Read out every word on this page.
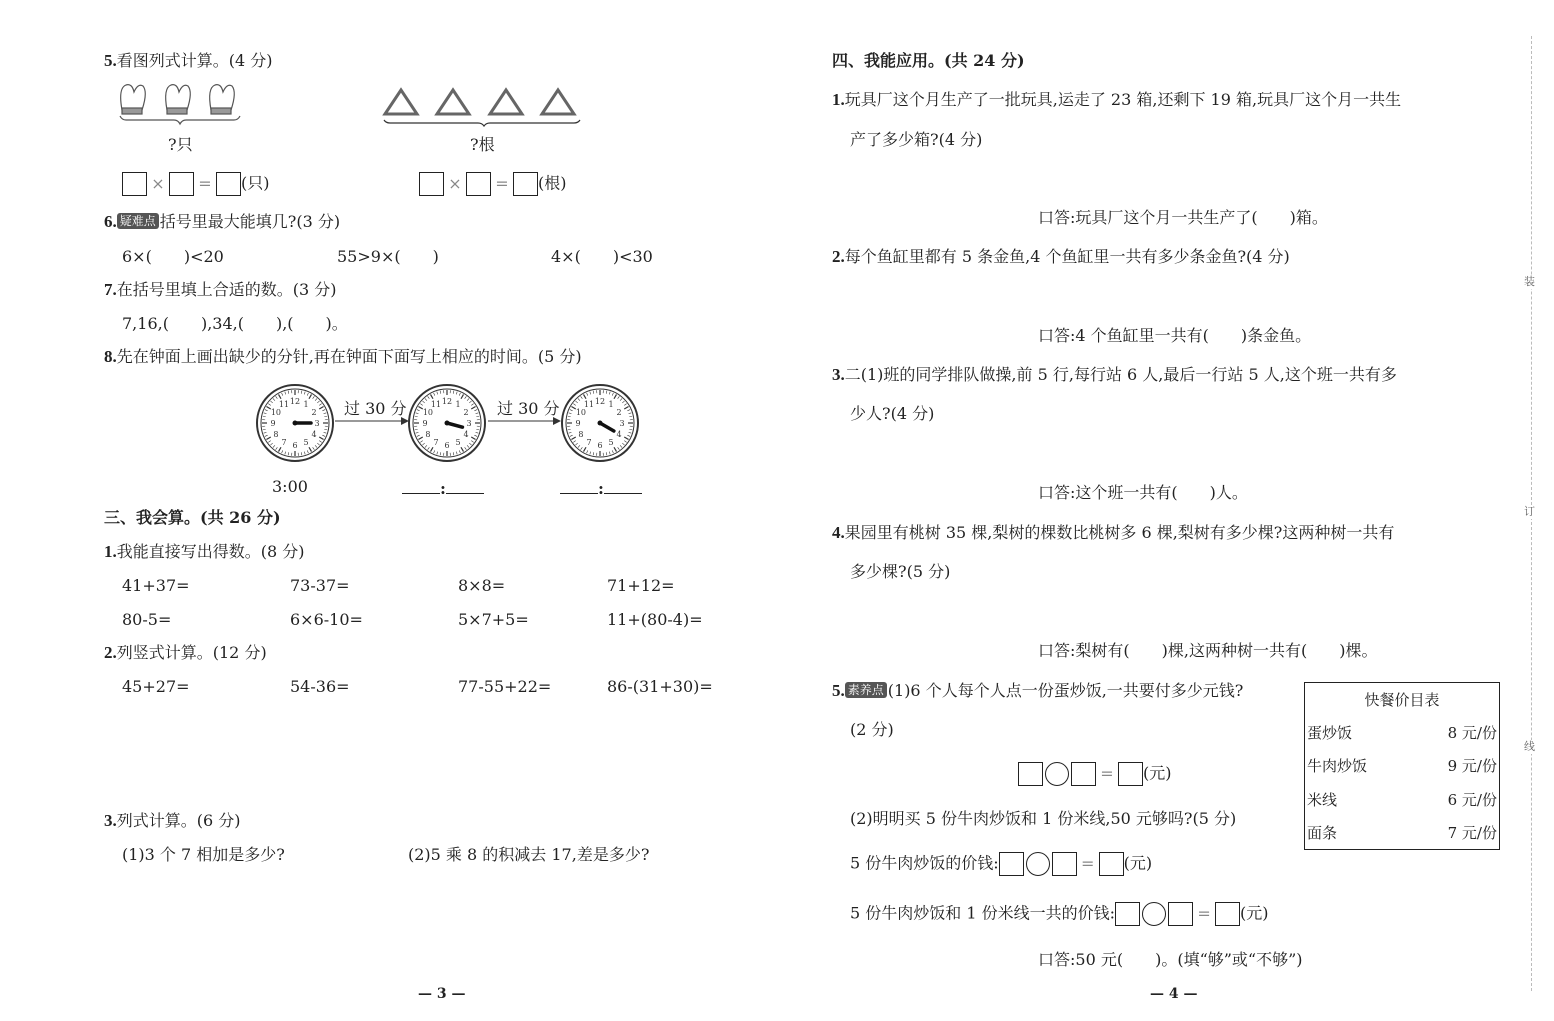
5.看图列式计算。(4 分)
?只	?根
× = (只)	× = (根)
6. 疑难点 括号里最大能填几?(3 分)
6×(　　)<20	55>9×(　　)	4×(　　)<30
7.在括号里填上合适的数。(3 分)
7,16,(　　),34,(　　),(　　)。
8.先在钟面上画出缺少的分针,再在钟面下面写上相应的时间。(5 分)
1
2
3
4
5
6
7
8
9
10
11 12	1
2
3
4
5
6
7
8
9
10
11 12	1
2
3
4
5
6
7
8
9
10
11 12
过 30 分	过 30 分
3:00	:	:
三、我会算。(共 26 分)
1.我能直接写出得数。(8 分)
41+37=	73-37=	8×8=	71+12=
80-5=	6×6-10=	5×7+5=	11+(80-4)=
2.列竖式计算。(12 分)
45+27=	54-36=	77-55+22=	86-(31+30)=
3.列式计算。(6 分)
(1)3 个 7 相加是多少?	(2)5 乘 8 的积减去 17,差是多少?
— 3 —
四、我能应用。(共 24 分)
1.玩具厂这个月生产了一批玩具,运走了 23 箱,还剩下 19 箱,玩具厂这个月一共生
产了多少箱?(4 分)
口答:玩具厂这个月一共生产了(　　)箱。
2.每个鱼缸里都有 5 条金鱼,4 个鱼缸里一共有多少条金鱼?(4 分)
口答:4 个鱼缸里一共有(　　)条金鱼。
3.二(1)班的同学排队做操,前 5 行,每行站 6 人,最后一行站 5 人,这个班一共有多
少人?(4 分)
口答:这个班一共有(　　)人。
4.果园里有桃树 35 棵,梨树的棵数比桃树多 6 棵,梨树有多少棵?这两种树一共有
多少棵?(5 分)
口答:梨树有(　　)棵,这两种树一共有(　　)棵。
5. 素养点 (1)6 个人每个人点一份蛋炒饭,一共要付多少元钱?
(2 分)
= (元)
(2)明明买 5 份牛肉炒饭和 1 份米线,50 元够吗?(5 分)
5 份牛肉炒饭的价钱:	= (元)
5 份牛肉炒饭和 1 份米线一共的价钱:	= (元)
口答:50 元(　　)。(填“够”或“不够”)
快餐价目表	
蛋炒饭	8 元/份
牛肉炒饭	9 元/份
米线	6 元/份
面条	7 元/份
— 4 —
装
订
线
